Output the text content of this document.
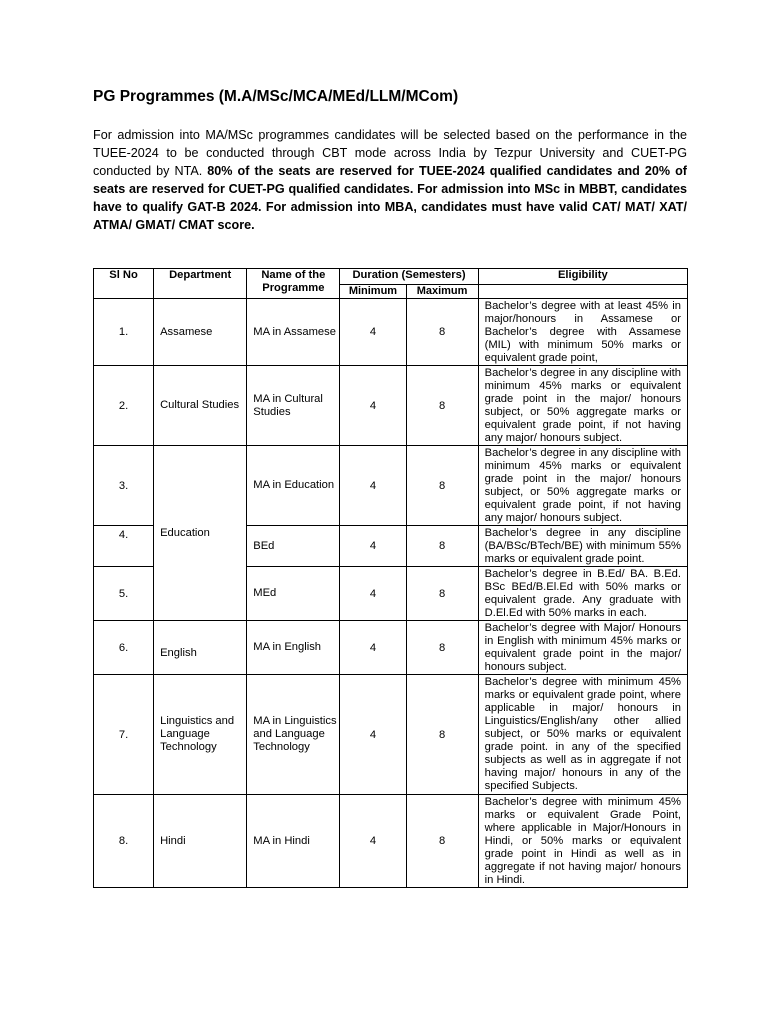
PG Programmes (M.A/MSc/MCA/MEd/LLM/MCom)
For admission into MA/MSc programmes candidates will be selected based on the performance in the TUEE-2024 to be conducted through CBT mode across India by Tezpur University and CUET-PG conducted by NTA. 80% of the seats are reserved for TUEE-2024 qualified candidates and 20% of seats are reserved for CUET-PG qualified candidates. For admission into MSc in MBBT, candidates have to qualify GAT-B 2024. For admission into MBA, candidates must have valid CAT/ MAT/ XAT/ ATMA/ GMAT/ CMAT score.
Sl No	Department	Name of the Programme	Duration (Semesters)		Eligibility
			Minimum	Maximum	
1.	Assamese	MA in Assamese	4	8	Bachelor’s degree with at least 45% in major/honours in Assamese or Bachelor’s degree with Assamese (MIL) with minimum 50% marks or equivalent grade point,
2.	Cultural Studies	MA in Cultural Studies	4	8	Bachelor’s degree in any discipline with minimum 45% marks or equivalent grade point in the major/ honours subject, or 50% aggregate marks or equivalent grade point, if not having any major/ honours subject.
3.	Education	MA in Education	4	8	Bachelor’s degree in any discipline with minimum 45% marks or equivalent grade point in the major/ honours subject, or 50% aggregate marks or equivalent grade point, if not having any major/ honours subject.
4.		BEd	4	8	Bachelor’s degree in any discipline (BA/BSc/BTech/BE) with minimum 55% marks or equivalent grade point.
5.		MEd	4	8	Bachelor’s degree in B.Ed/ BA. B.Ed. BSc BEd/B.El.Ed with 50% marks or equivalent grade. Any graduate with D.El.Ed with 50% marks in each.
6.	English	MA in English	4	8	Bachelor’s degree with Major/ Honours in English with minimum 45% marks or equivalent grade point in the major/ honours subject.
7.	Linguistics and Language Technology	MA in Linguistics and Language Technology	4	8	Bachelor’s degree with minimum 45% marks or equivalent grade point, where applicable in major/ honours in Linguistics/English/any other allied subject, or 50% marks or equivalent grade point. in any of the specified subjects as well as in aggregate if not having major/ honours in any of the specified Subjects.
8.	Hindi	MA in Hindi	4	8	Bachelor’s degree with minimum 45% marks or equivalent Grade Point, where applicable in Major/Honours in Hindi, or 50% marks or equivalent grade point in Hindi as well as in aggregate if not having major/ honours in Hindi.
